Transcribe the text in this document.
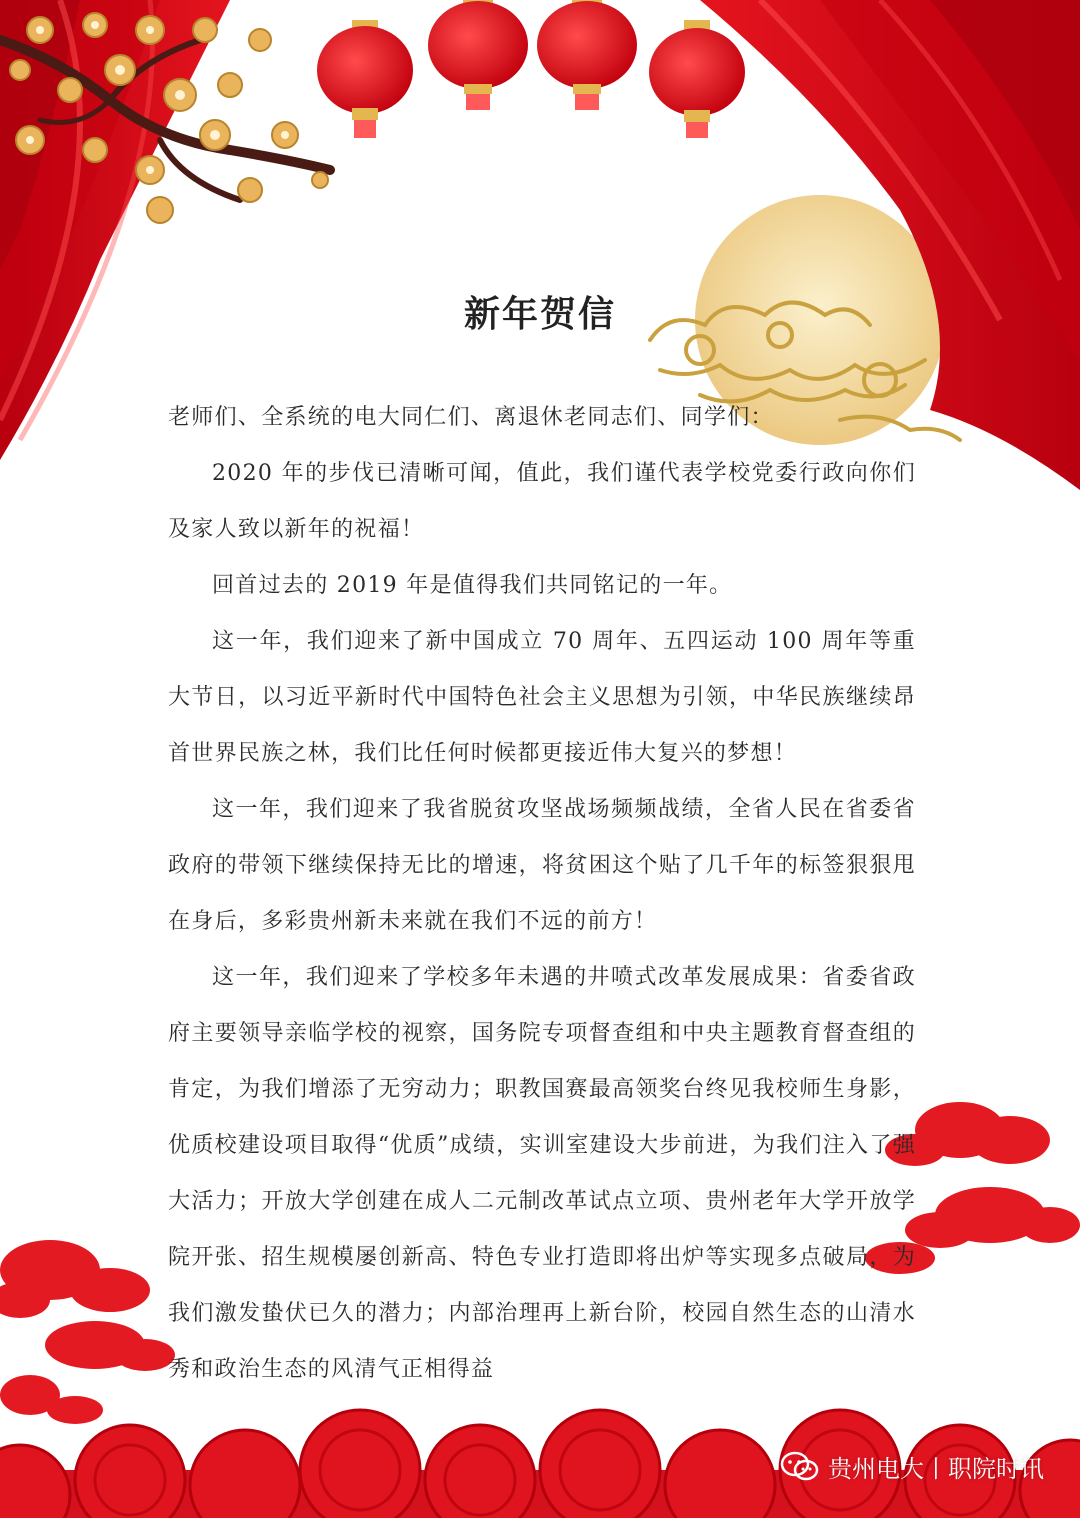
新年贺信

老师们、全系统的电大同仁们、离退休老同志们、同学们：

2020 年的步伐已清晰可闻，值此，我们谨代表学校党委行政向你们及家人致以新年的祝福！

回首过去的 2019 年是值得我们共同铭记的一年。

这一年，我们迎来了新中国成立 70 周年、五四运动 100 周年等重大节日，以习近平新时代中国特色社会主义思想为引领，中华民族继续昂首世界民族之林，我们比任何时候都更接近伟大复兴的梦想！

这一年，我们迎来了我省脱贫攻坚战场频频战绩，全省人民在省委省政府的带领下继续保持无比的增速，将贫困这个贴了几千年的标签狠狠甩在身后，多彩贵州新未来就在我们不远的前方！

这一年，我们迎来了学校多年未遇的井喷式改革发展成果：省委省政府主要领导亲临学校的视察，国务院专项督查组和中央主题教育督查组的肯定，为我们增添了无穷动力；职教国赛最高领奖台终见我校师生身影，优质校建设项目取得“优质”成绩，实训室建设大步前进，为我们注入了强大活力；开放大学创建在成人二元制改革试点立项、贵州老年大学开放学院开张、招生规模屡创新高、特色专业打造即将出炉等实现多点破局，为我们激发蛰伏已久的潜力；内部治理再上新台阶，校园自然生态的山清水秀和政治生态的风清气正相得益

贵州电大丨职院时讯
